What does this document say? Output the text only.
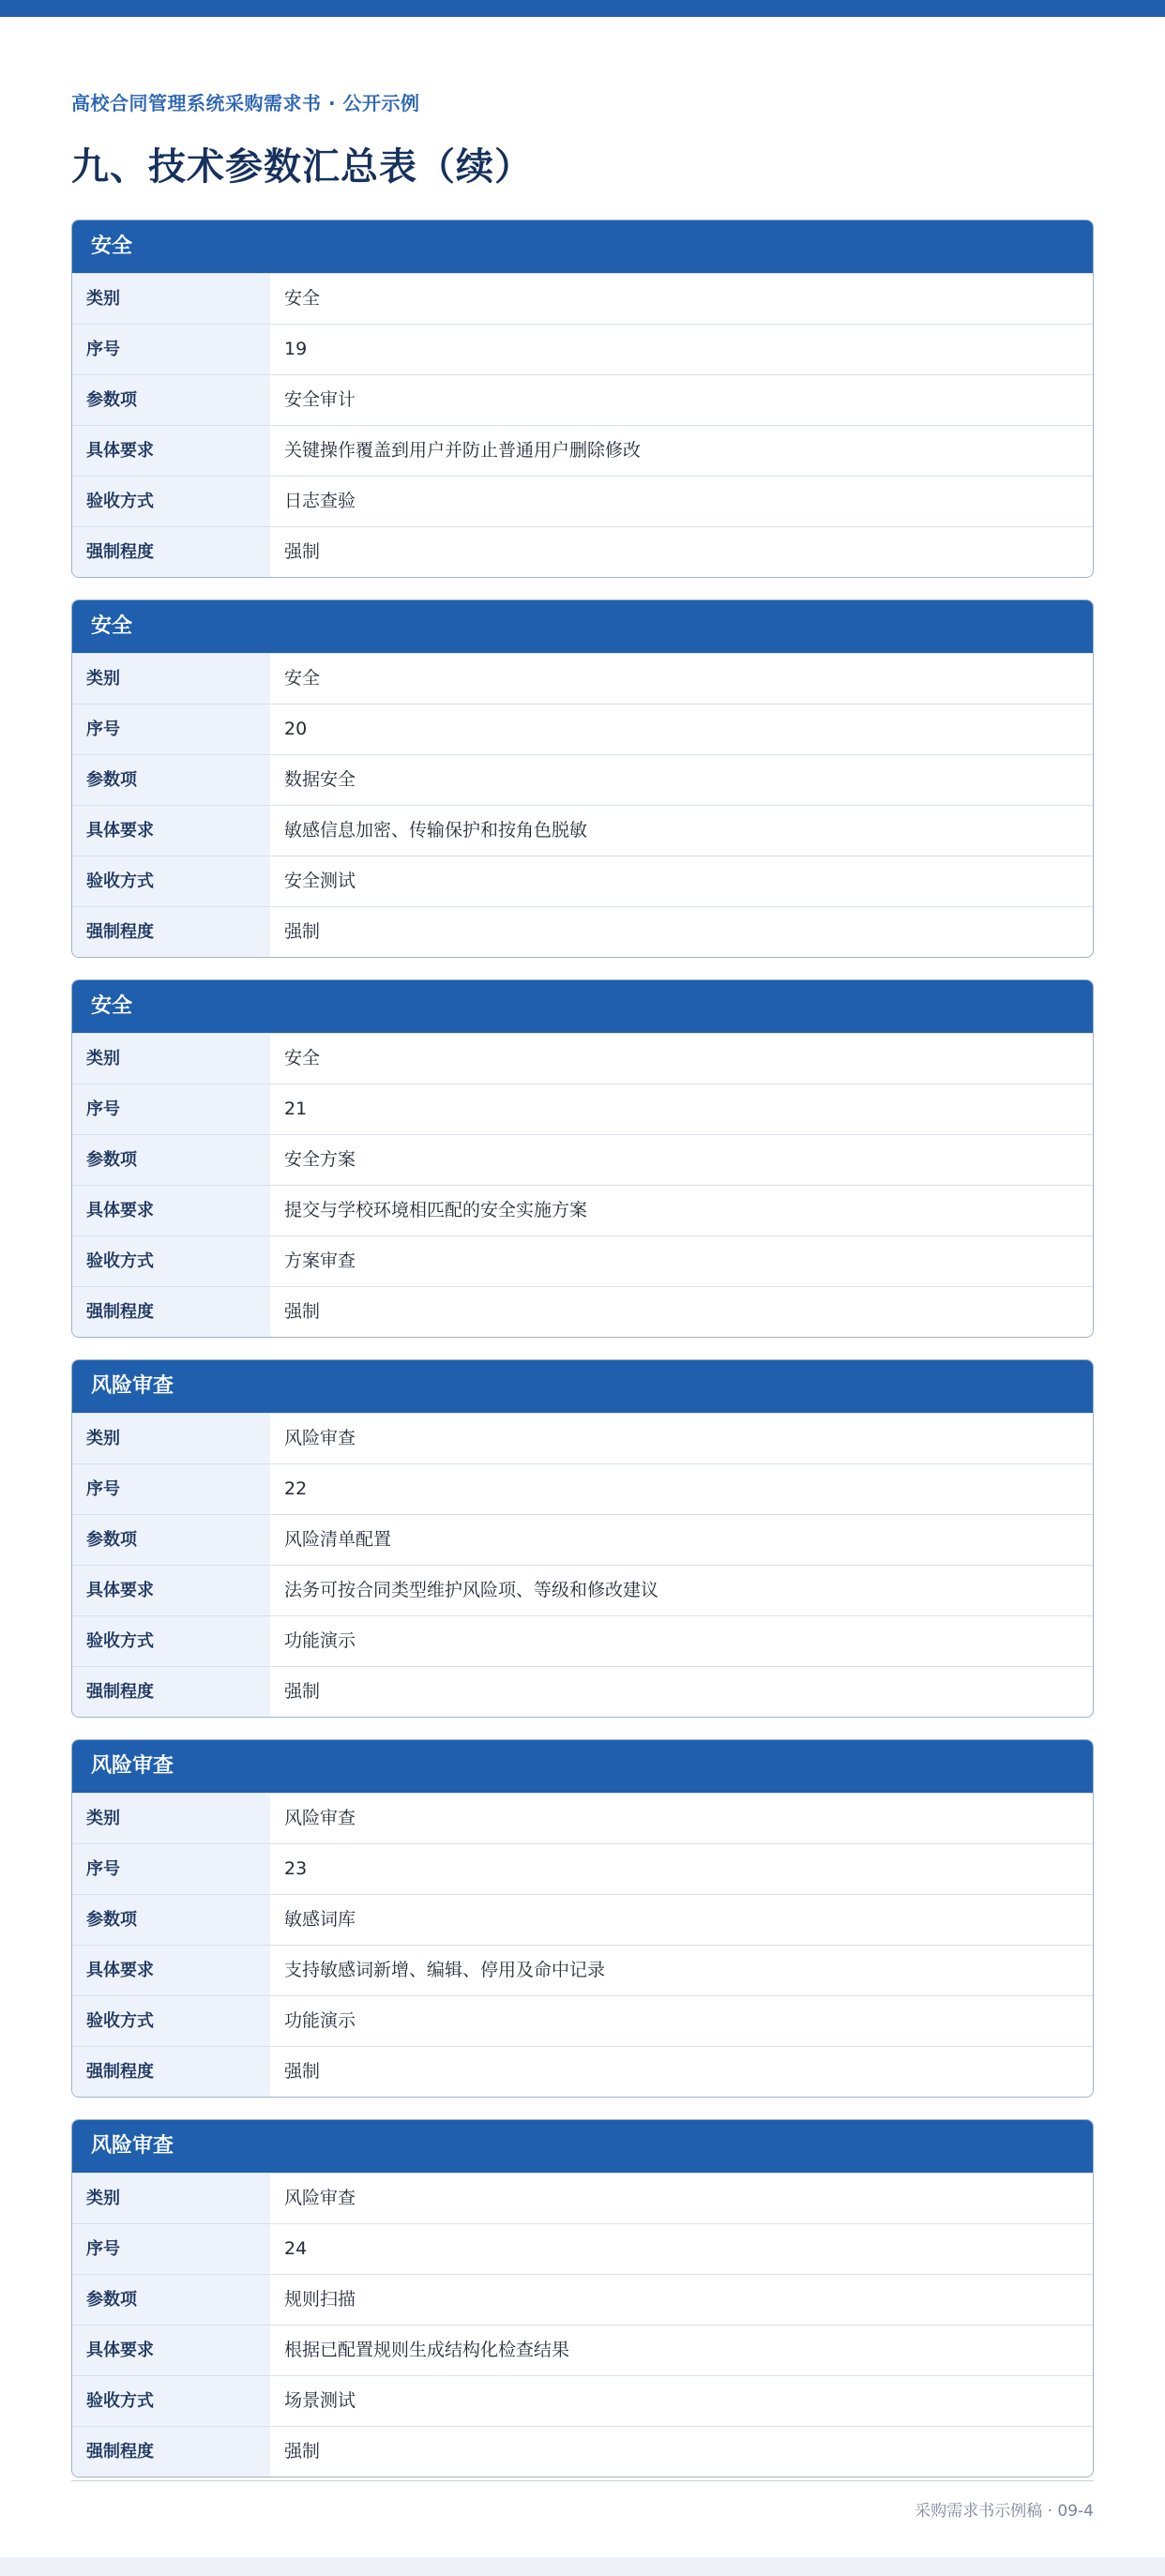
高校合同管理系统采购需求书 · 公开示例
九、技术参数汇总表（续）
安全
类别	安全
序号	19
参数项	安全审计
具体要求	关键操作覆盖到用户并防止普通用户删除修改
验收方式	日志查验
强制程度	强制
安全
类别	安全
序号	20
参数项	数据安全
具体要求	敏感信息加密、传输保护和按角色脱敏
验收方式	安全测试
强制程度	强制
安全
类别	安全
序号	21
参数项	安全方案
具体要求	提交与学校环境相匹配的安全实施方案
验收方式	方案审查
强制程度	强制
风险审查
类别	风险审查
序号	22
参数项	风险清单配置
具体要求	法务可按合同类型维护风险项、等级和修改建议
验收方式	功能演示
强制程度	强制
风险审查
类别	风险审查
序号	23
参数项	敏感词库
具体要求	支持敏感词新增、编辑、停用及命中记录
验收方式	功能演示
强制程度	强制
风险审查
类别	风险审查
序号	24
参数项	规则扫描
具体要求	根据已配置规则生成结构化检查结果
验收方式	场景测试
强制程度	强制
采购需求书示例稿 · 09-4
